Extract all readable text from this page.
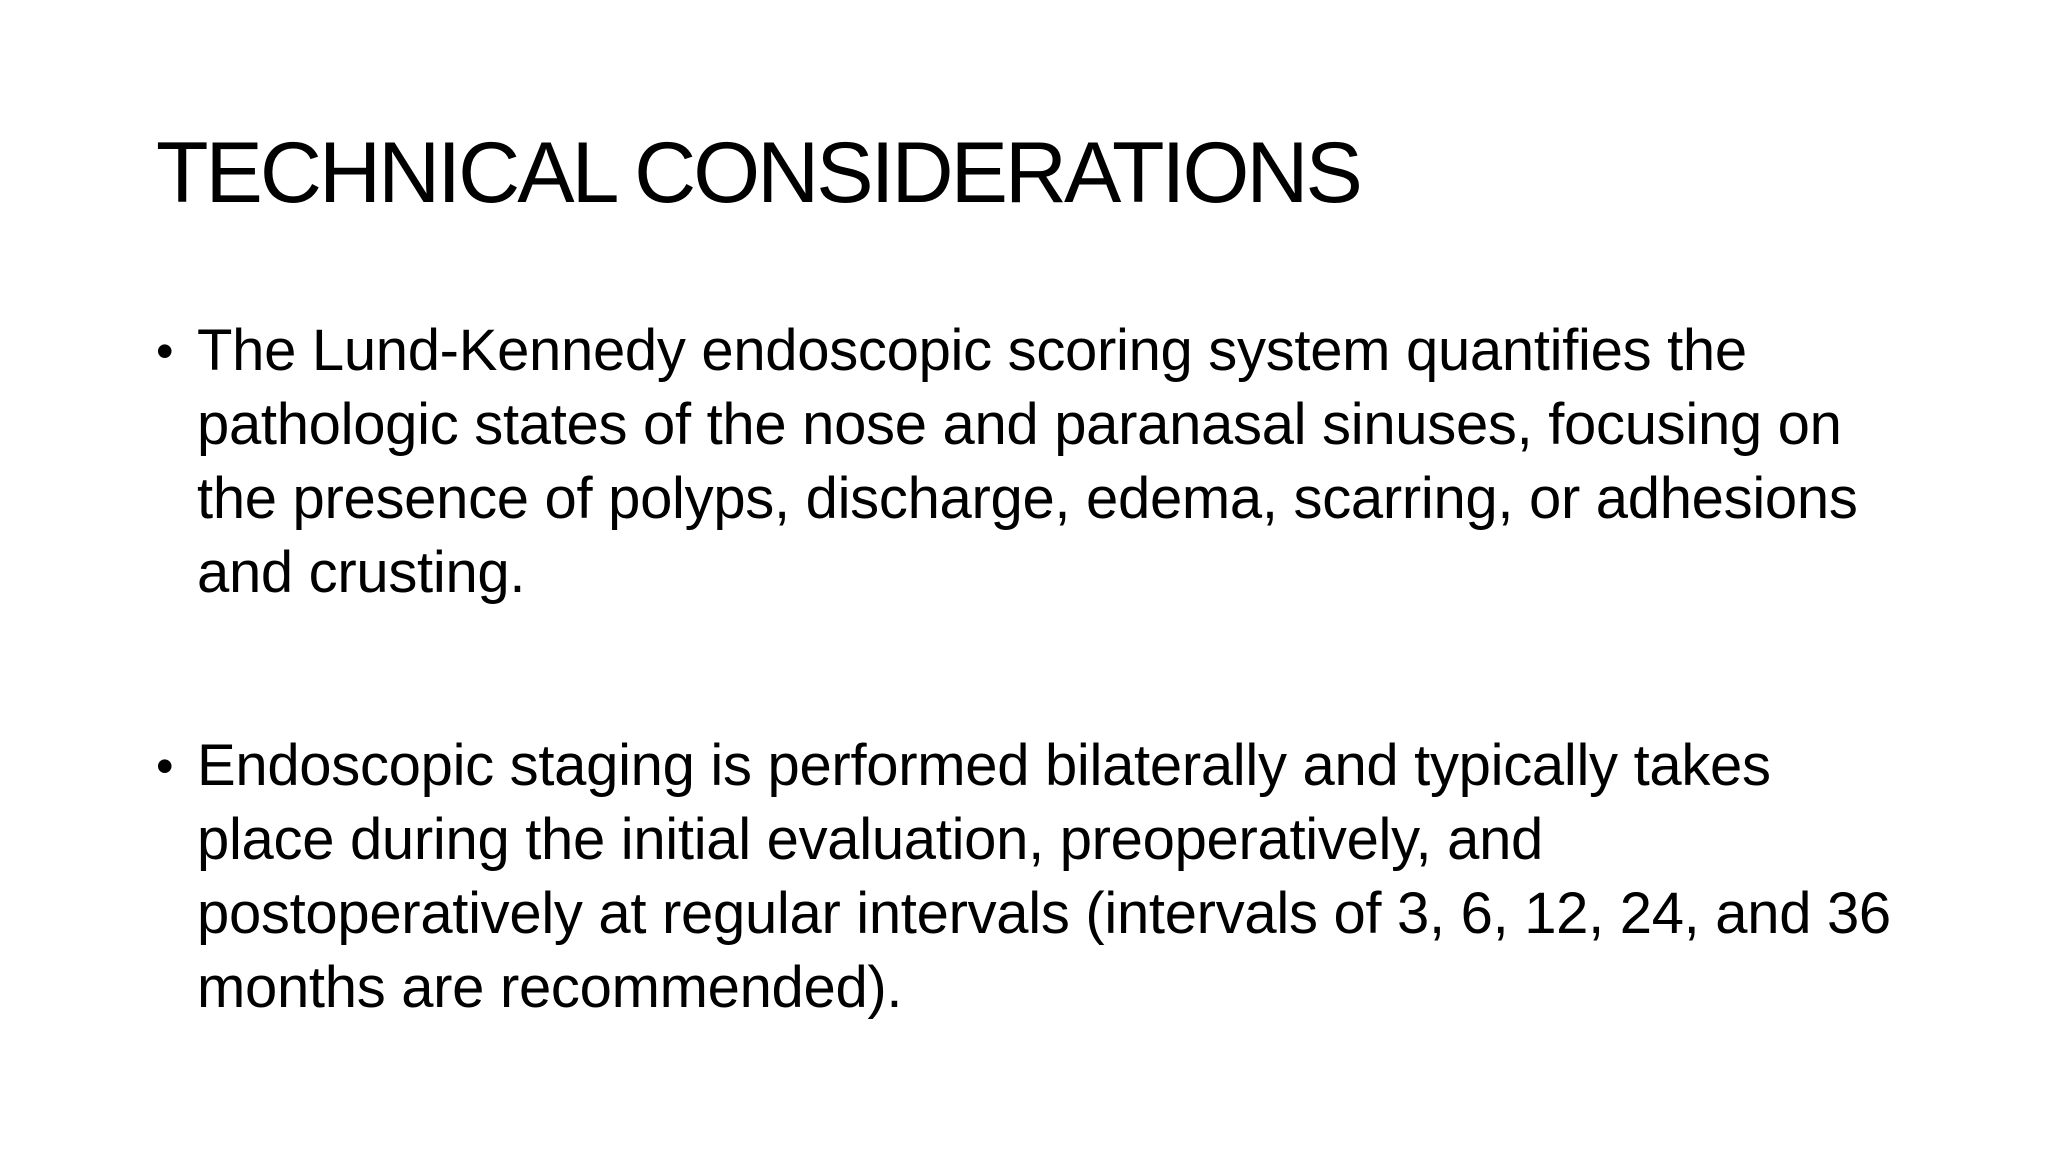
TECHNICAL CONSIDERATIONS
• The Lund-Kennedy endoscopic scoring system quantifies the pathologic states of the nose and paranasal sinuses, focusing on the presence of polyps, discharge, edema, scarring, or adhesions and crusting.
• Endoscopic staging is performed bilaterally and typically takes place during the initial evaluation, preoperatively, and postoperatively at regular intervals (intervals of 3, 6, 12, 24, and 36 months are recommended).
